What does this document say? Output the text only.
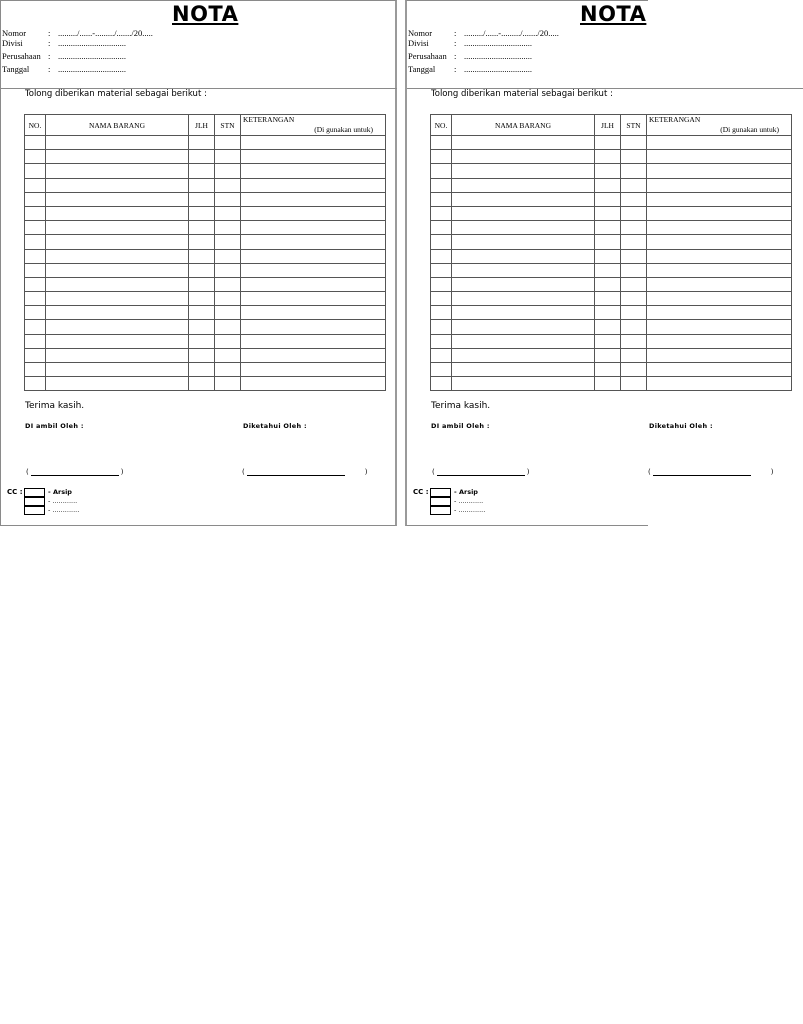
NOTA
Nomor	: ........./......-........./......./20.....
Divisi	: ................................
Perusahaan : ................................
Tanggal : ................................
Tolong diberikan material sebagai berikut :
NO.	NAMA BARANG	JLH	STN	KETERANGAN
(Di gunakan untuk)

Terima kasih.
DI ambil Oleh :	Diketahui Oleh :
(	)	(	)
CC :	- Arsip
- ............
- .............
NOTA
Nomor	: ........./......-........./......./20.....
Divisi	: ................................
Perusahaan : ................................
Tanggal : ................................
Tolong diberikan material sebagai berikut :
NO.	NAMA BARANG	JLH	STN	KETERANGAN
(Di gunakan untuk)

Terima kasih.
DI ambil Oleh :	Diketahui Oleh :
(	)	(	)
CC :	- Arsip
- ............
- .............
